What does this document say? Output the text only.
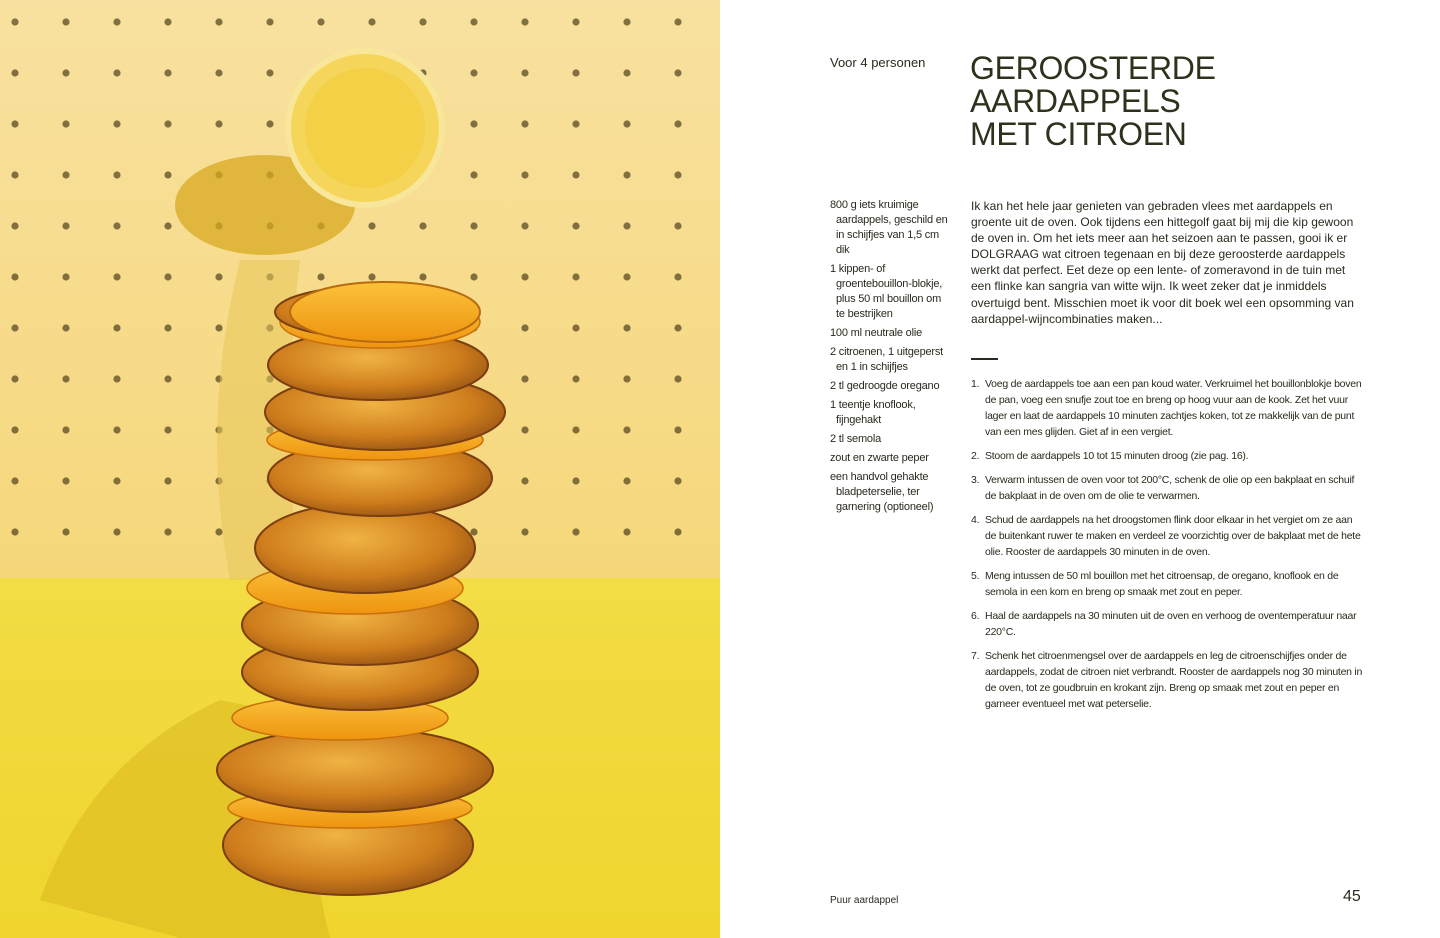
Voor 4 personen GEROOSTERDE
AARDAPPELS
MET CITROEN
800 g iets kruimige aardappels, geschild en in schijfjes van 1,5 cm dik
1 kippen- of groentebouillon-blokje, plus 50 ml bouillon om te bestrijken
100 ml neutrale olie
2 citroenen, 1 uitgeperst en 1 in schijfjes
2 tl gedroogde oregano
1 teentje knoflook, fijngehakt
2 tl semola
zout en zwarte peper
een handvol gehakte bladpeterselie, ter garnering (optioneel)

Ik kan het hele jaar genieten van gebraden vlees met aardappels en groente uit de oven. Ook tijdens een hittegolf gaat bij mij die kip gewoon de oven in. Om het iets meer aan het seizoen aan te passen, gooi ik er DOLGRAAG wat citroen tegenaan en bij deze geroosterde aardappels werkt dat perfect. Eet deze op een lente- of zomeravond in de tuin met een flinke kan sangria van witte wijn. Ik weet zeker dat je inmiddels overtuigd bent. Misschien moet ik voor dit boek wel een opsomming van aardappel-wijncombinaties maken...

1. Voeg de aardappels toe aan een pan koud water. Verkruimel het bouillonblokje boven de pan, voeg een snufje zout toe en breng op hoog vuur aan de kook. Zet het vuur lager en laat de aardappels 10 minuten zachtjes koken, tot ze makkelijk van de punt van een mes glijden. Giet af in een vergiet.
2. Stoom de aardappels 10 tot 15 minuten droog (zie pag. 16).
3. Verwarm intussen de oven voor tot 200°C, schenk de olie op een bakplaat en schuif de bakplaat in de oven om de olie te verwarmen.
4. Schud de aardappels na het droogstomen flink door elkaar in het vergiet om ze aan de buitenkant ruwer te maken en verdeel ze voorzichtig over de bakplaat met de hete olie. Rooster de aardappels 30 minuten in de oven.
5. Meng intussen de 50 ml bouillon met het citroensap, de oregano, knoflook en de semola in een kom en breng op smaak met zout en peper.
6. Haal de aardappels na 30 minuten uit de oven en verhoog de oventemperatuur naar 220°C.
7. Schenk het citroenmengsel over de aardappels en leg de citroenschijfjes onder de aardappels, zodat de citroen niet verbrandt. Rooster de aardappels nog 30 minuten in de oven, tot ze goudbruin en krokant zijn. Breng op smaak met zout en peper en garneer eventueel met wat peterselie.
Puur aardappel	45
